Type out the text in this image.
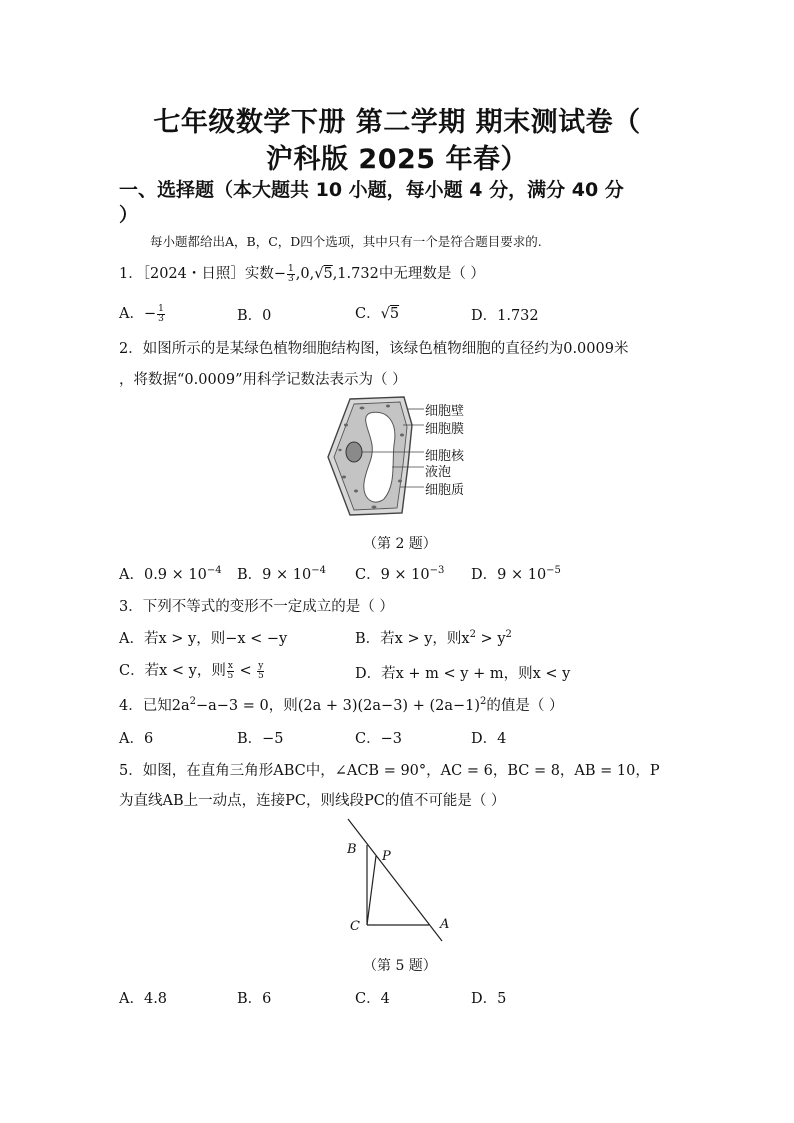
七年级数学下册 第二学期 期末测试卷（
沪科版 2025 年春）
一、选择题（本大题共 10 小题，每小题 4 分，满分 40 分
）
每小题都给出A，B，C，D四个选项，其中只有一个是符合题目要求的.
1．［2024・日照］实数− $\frac{1}{3} ,0,√5,1.732$中无理数是（ ）
A．− $\frac{1}{3}$	B．0	C．√5	D．1.732
2．如图所示的是某绿色植物细胞结构图，该绿色植物细胞的直径约为0.0009米
，将数据“0.0009”用科学记数法表示为（ ）
细胞壁
细胞膜
细胞核
液泡
细胞质
（第 2 题）
A．$0.9 \times 10^{-4}$ B．$9 \times 10^{-4}$ C．$9 \times 10^{-3}$ D．$9 \times 10^{-5}$
3．下列不等式的变形不一定成立的是（ ）
A．若x > y，则−x < −y	B．若x > y，则$x^2 > y^2$
C．若x < y，则 $\frac{x}{5} < \frac{y}{5}$	D．若x + m < y + m，则x < y
4．已知$2a^2-a-3 = 0$，则$(2a + 3)(2a-3) + (2a-1)^2$的值是（ ）
A．6	B．−5	C．−3	D．4
5．如图，在直角三角形ABC中，∠ACB = 90°，AC = 6，BC = 8，AB = 10，P
为直线AB上一动点，连接PC，则线段PC的值不可能是（ ）
B P
C	A
（第 5 题）
A．4.8	B．6	C．4	D．5
